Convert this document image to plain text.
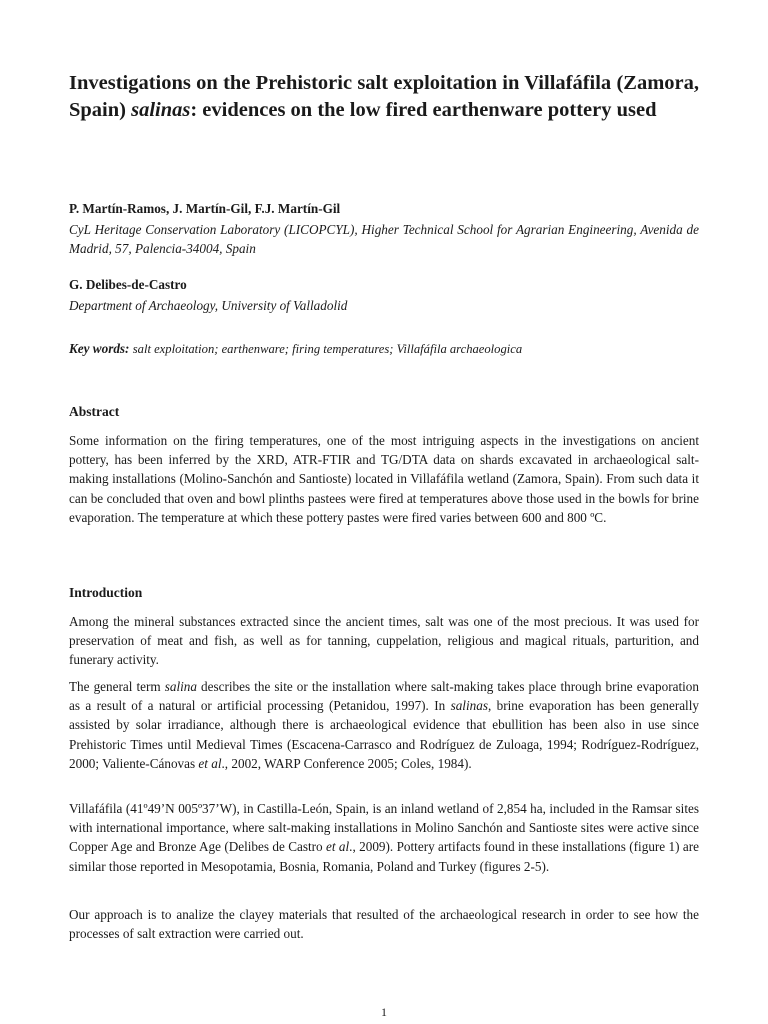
Investigations on the Prehistoric salt exploitation in Villafáfila (Zamora, Spain) salinas: evidences on the low fired earthenware pottery used

P. Martín-Ramos, J. Martín-Gil, F.J. Martín-Gil

CyL Heritage Conservation Laboratory (LICOPCYL), Higher Technical School for Agrarian Engineering, Avenida de Madrid, 57, Palencia-34004, Spain

G. Delibes-de-Castro

Department of Archaeology, University of Valladolid

Key words: salt exploitation; earthenware; firing temperatures; Villafáfila archaeologica

Abstract

Some information on the firing temperatures, one of the most intriguing aspects in the investigations on ancient pottery, has been inferred by the XRD, ATR-FTIR and TG/DTA data on shards excavated in archaeological salt-making installations (Molino-Sanchón and Santioste) located in Villafáfila wetland (Zamora, Spain). From such data it can be concluded that oven and bowl plinths pastees were fired at temperatures above those used in the bowls for brine evaporation. The temperature at which these pottery pastes were fired varies between 600 and 800 ºC.

Introduction

Among the mineral substances extracted since the ancient times, salt was one of the most precious. It was used for preservation of meat and fish, as well as for tanning, cuppelation, religious and magical rituals, parturition, and funerary activity.

The general term salina describes the site or the installation where salt-making takes place through brine evaporation as a result of a natural or artificial processing (Petanidou, 1997). In salinas, brine evaporation has been generally assisted by solar irradiance, although there is archaeological evidence that ebullition has been also in use since Prehistoric Times until Medieval Times (Escacena-Carrasco and Rodríguez de Zuloaga, 1994; Rodríguez-Rodríguez, 2000; Valiente-Cánovas et al., 2002, WARP Conference 2005; Coles, 1984).

Villafáfila (41º49’N 005º37’W), in Castilla-León, Spain, is an inland wetland of 2,854 ha, included in the Ramsar sites with international importance, where salt-making installations in Molino Sanchón and Santioste sites were active since Copper Age and Bronze Age (Delibes de Castro et al., 2009). Pottery artifacts found in these installations (figure 1) are similar those reported in Mesopotamia, Bosnia, Romania, Poland and Turkey (figures 2-5).

Our approach is to analize the clayey materials that resulted of the archaeological research in order to see how the processes of salt extraction were carried out.

1
